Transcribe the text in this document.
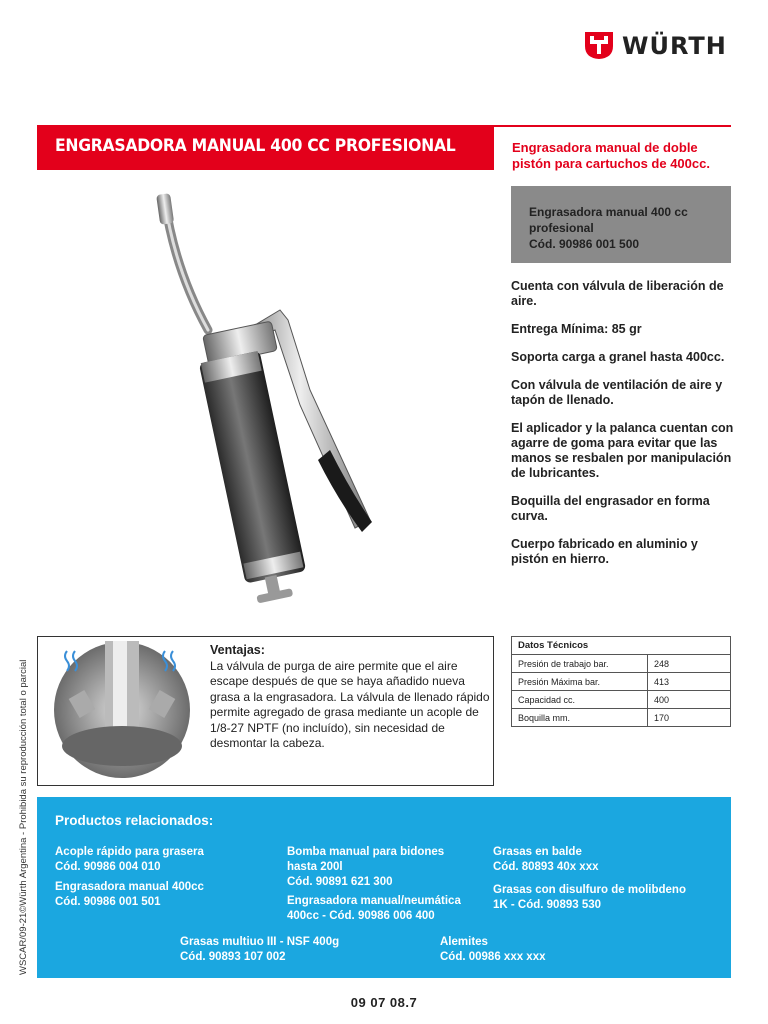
WÜRTH
ENGRASADORA MANUAL 400 CC PROFESIONAL	Engrasadora manual de doble pistón para cartuchos de 400cc.
Engrasadora manual 400 cc profesional
Cód. 90986 001 500

Cuenta con válvula de liberación de aire.

Entrega Mínima: 85 gr

Soporta carga a granel hasta 400cc.

Con válvula de ventilación de aire y tapón de llenado.

El aplicador y la palanca cuentan con agarre de goma para evitar que las manos se resbalen por manipulación de lubricantes.

Boquilla del engrasador en forma curva.

Cuerpo fabricado en aluminio y pistón en hierro.

Ventajas:
La válvula de purga de aire permite que el aire escape después de que se haya añadido nueva grasa a la engrasadora. La válvula de llenado rápido permite agregado de grasa mediante un acople de 1/8-27 NPTF (no incluído), sin necesidad de desmontar la cabeza.
Datos Técnicos	
Presión de trabajo bar.	248
Presión Máxima bar.	413
Capacidad cc.	400
Boquilla mm.	170
WSCAR/09-21©Würth Argentina - Prohibida su reproducción total o parcial Productos relacionados:
Acople rápido para grasera
Cód. 90986 004 010
Engrasadora manual 400cc
Cód. 90986 001 501
Bomba manual para bidones
hasta 200l
Cód. 90891 621 300
Engrasadora manual/neumática
400cc - Cód. 90986 006 400
Grasas en balde
Cód. 80893 40x xxx
Grasas con disulfuro de molibdeno
1K - Cód. 90893 530
Grasas multiuo III - NSF 400g
Cód. 90893 107 002
Alemites
Cód. 00986 xxx xxx
09 07 08.7
